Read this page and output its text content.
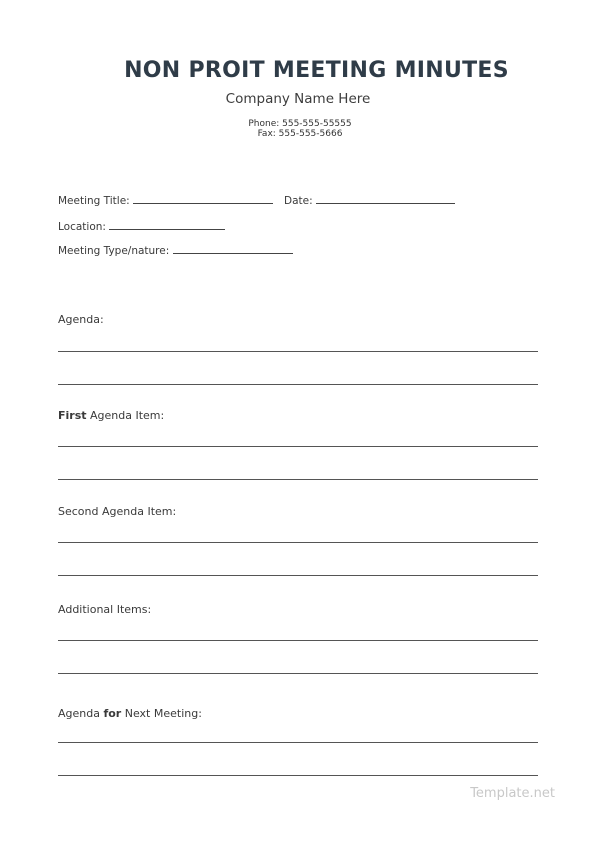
NON PROIT MEETING MINUTES
Company Name Here
Phone: 555-555-55555
Fax: 555-555-5666
Meeting Title:	Date:
Location:
Meeting Type/nature:
Agenda:
First Agenda Item:
Second Agenda Item:
Additional Items:
Agenda for Next Meeting:
Template.net
